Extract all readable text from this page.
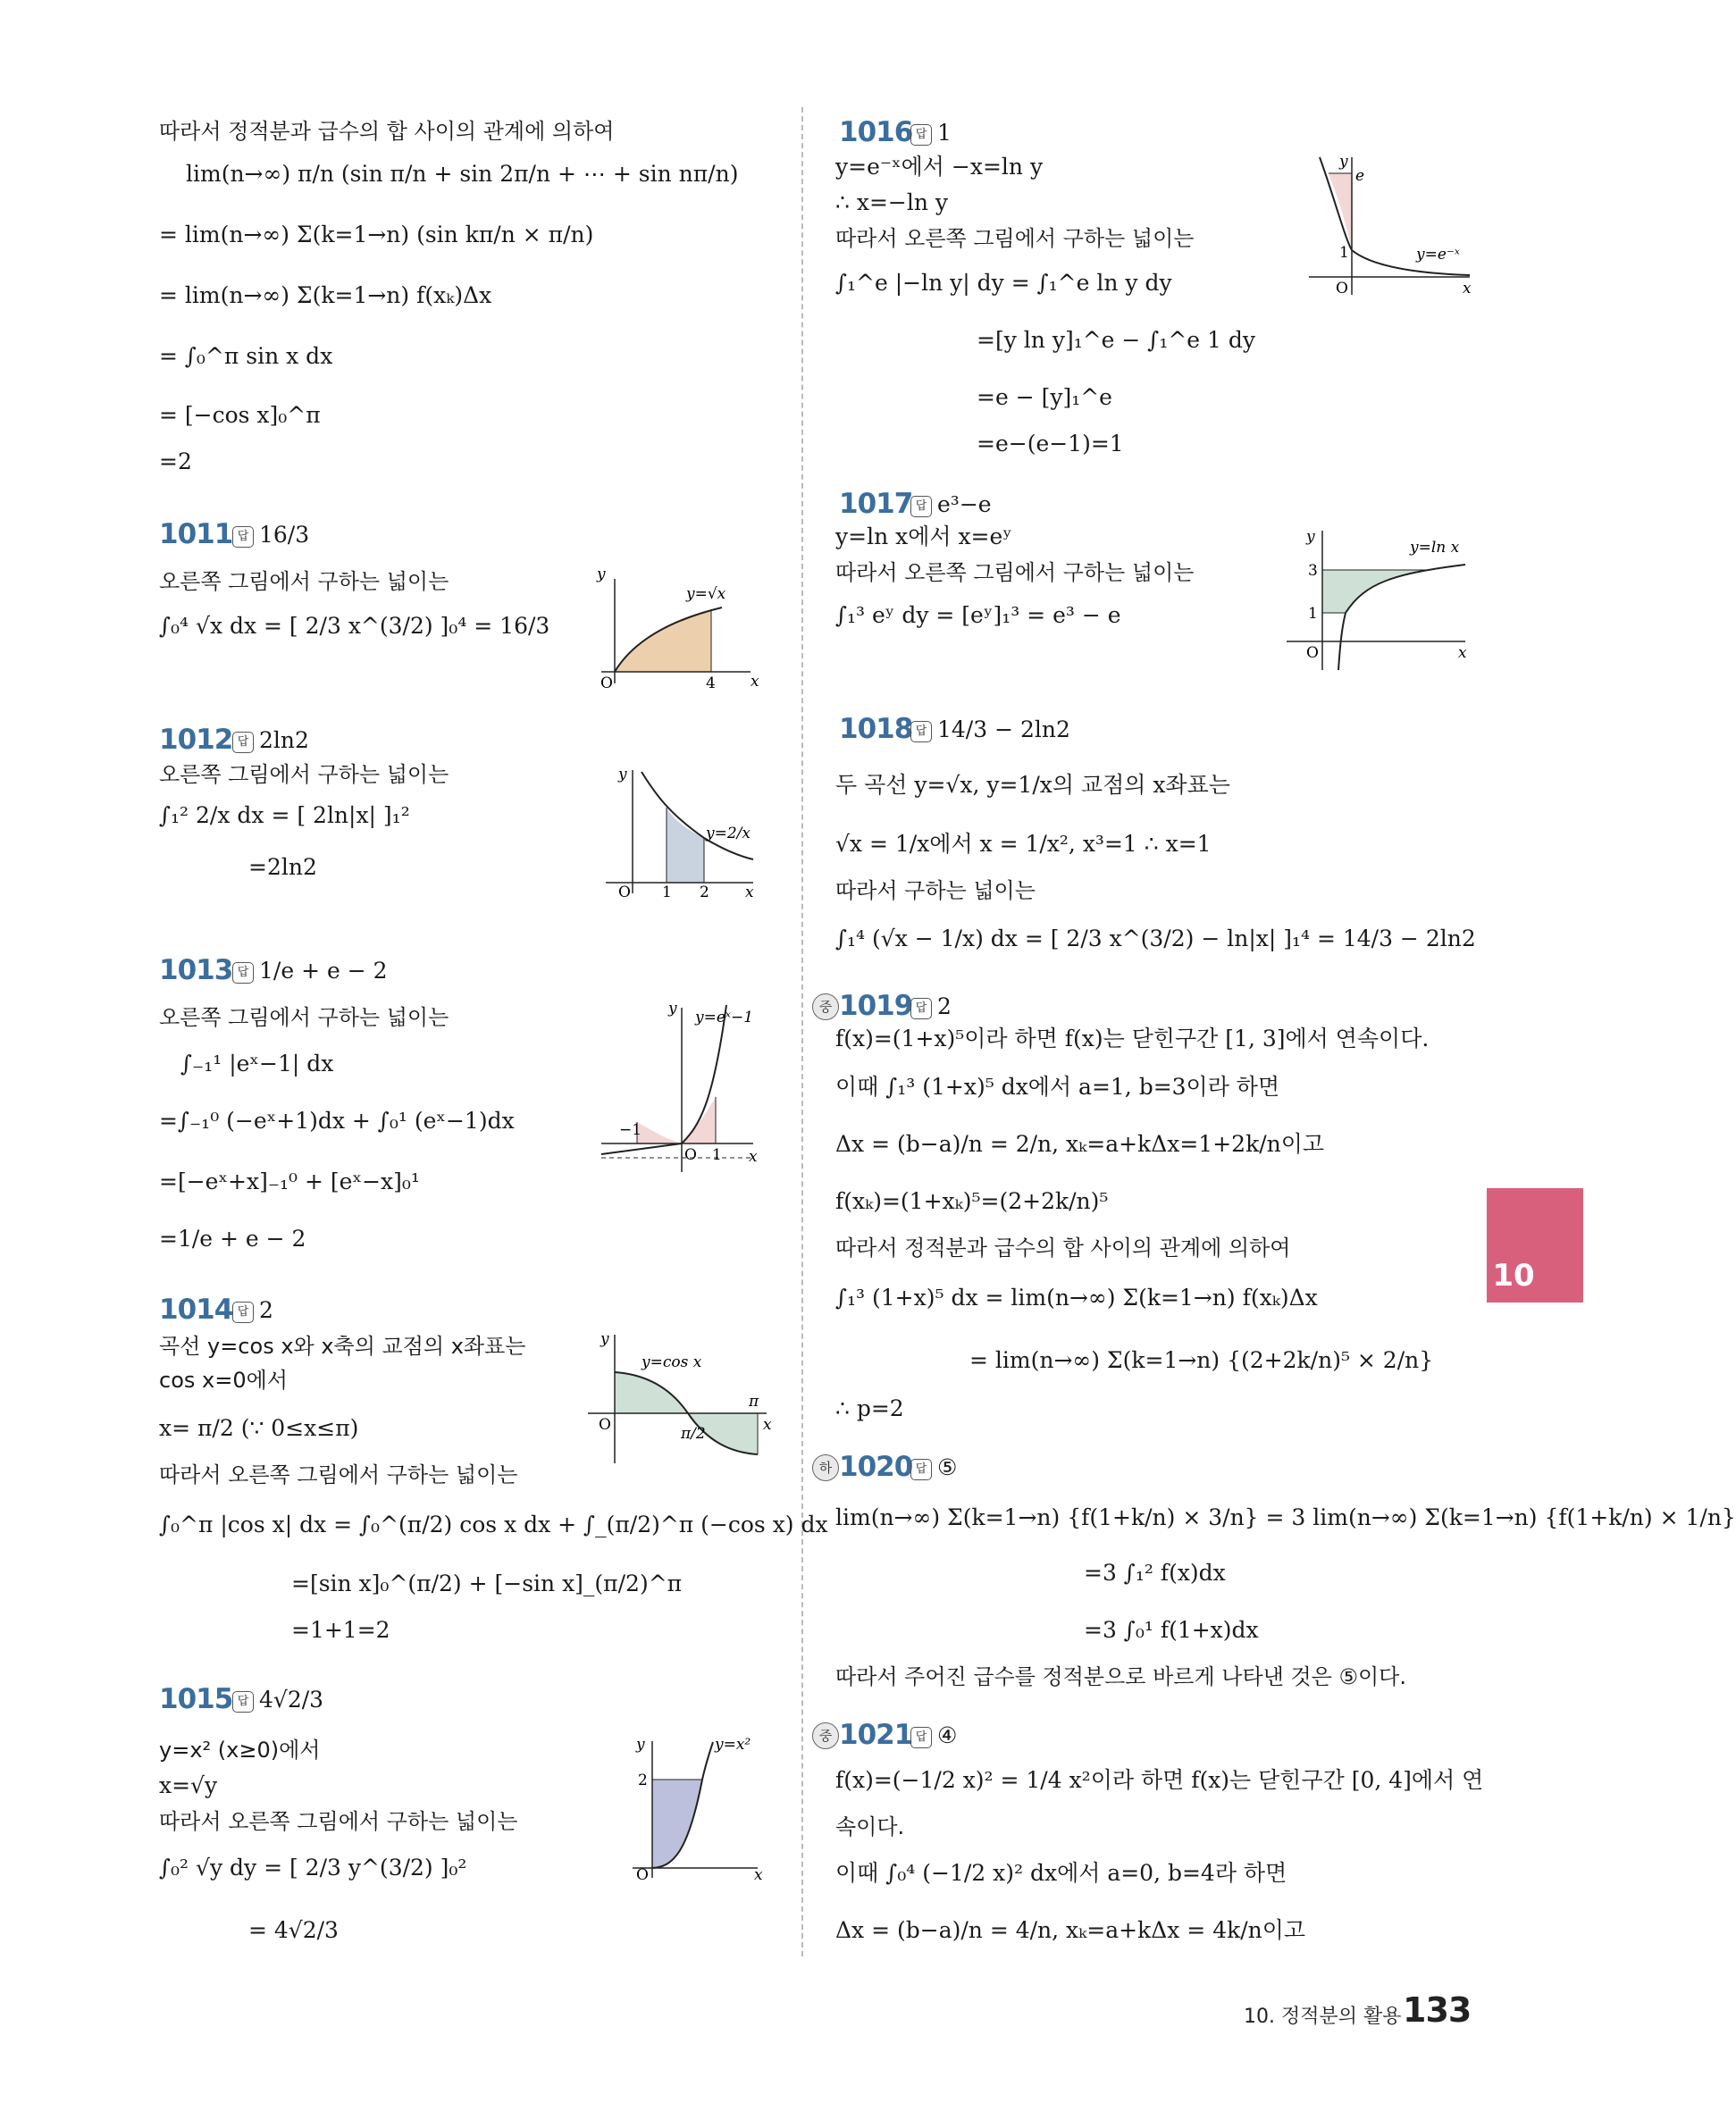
따라서 정적분과 급수의 합 사이의 관계에 의하여
lim(n→∞) π/n (sin π/n + sin 2π/n + ⋯ + sin nπ/n)
= lim(n→∞) Σ(k=1→n) (sin kπ/n × π/n)
= lim(n→∞) Σ(k=1→n) f(xₖ)Δx
= ∫₀^π sin x dx
= [−cos x]₀^π
=2
1011 답 16/3
오른쪽 그림에서 구하는 넓이는
∫₀⁴ √x dx = [ 2/3 x^(3/2) ]₀⁴ = 16/3
y
x
O	4
y=√x
1012 답 2ln2
오른쪽 그림에서 구하는 넓이는
∫₁² 2/x dx = [ 2ln|x| ]₁²
=2ln2
y
x
O 1 2
y=2/x
1013 답 1/e + e − 2
오른쪽 그림에서 구하는 넓이는
∫₋₁¹ |eˣ−1| dx
=∫₋₁⁰ (−eˣ+1)dx + ∫₀¹ (eˣ−1)dx
=[−eˣ+x]₋₁⁰ + [eˣ−x]₀¹
=1/e + e − 2
y
x
O
−1
1
y=eˣ−1
1014 답 2
곡선 y=cos x와 x축의 교점의 x좌표는
cos x=0에서
x= π/2 (∵ 0≤x≤π)
따라서 오른쪽 그림에서 구하는 넓이는
∫₀^π |cos x| dx = ∫₀^(π/2) cos x dx + ∫_(π/2)^π (−cos x) dx
=[sin x]₀^(π/2) + [−sin x]_(π/2)^π
=1+1=2
y
x
O	π/2
π
y=cos x
1015 답 4√2/3
y=x² (x≥0)에서
x=√y
따라서 오른쪽 그림에서 구하는 넓이는
∫₀² √y dy = [ 2/3 y^(3/2) ]₀²
= 4√2/3
y
x
O
2
y=x²
1016 답 1
y=e⁻ˣ에서 −x=ln y
∴ x=−ln y
따라서 오른쪽 그림에서 구하는 넓이는
∫₁^e |−ln y| dy = ∫₁^e ln y dy
=[y ln y]₁^e − ∫₁^e 1 dy
=e − [y]₁^e
=e−(e−1)=1
y
x
O
e
1	y=e⁻ˣ
1017 답 e³−e
y=ln x에서 x=eʸ
따라서 오른쪽 그림에서 구하는 넓이는
∫₁³ eʸ dy = [eʸ]₁³ = e³ − e
y
x
O
3
1
y=ln x
1018 답 14/3 − 2ln2
두 곡선 y=√x, y=1/x의 교점의 x좌표는
√x = 1/x에서 x = 1/x², x³=1 ∴ x=1
따라서 구하는 넓이는
∫₁⁴ (√x − 1/x) dx = [ 2/3 x^(3/2) − ln|x| ]₁⁴ = 14/3 − 2ln2
중 1019 답 2
f(x)=(1+x)⁵이라 하면 f(x)는 닫힌구간 [1, 3]에서 연속이다.
이때 ∫₁³ (1+x)⁵ dx에서 a=1, b=3이라 하면
Δx = (b−a)/n = 2/n, xₖ=a+kΔx=1+2k/n이고
f(xₖ)=(1+xₖ)⁵=(2+2k/n)⁵
따라서 정적분과 급수의 합 사이의 관계에 의하여
∫₁³ (1+x)⁵ dx = lim(n→∞) Σ(k=1→n) f(xₖ)Δx
= lim(n→∞) Σ(k=1→n) {(2+2k/n)⁵ × 2/n}
∴ p=2
하 1020 답 ⑤
lim(n→∞) Σ(k=1→n) {f(1+k/n) × 3/n} = 3 lim(n→∞) Σ(k=1→n) {f(1+k/n) × 1/n}
=3 ∫₁² f(x)dx
=3 ∫₀¹ f(1+x)dx
따라서 주어진 급수를 정적분으로 바르게 나타낸 것은 ⑤이다.
중 1021 답 ④
f(x)=(−1/2 x)² = 1/4 x²이라 하면 f(x)는 닫힌구간 [0, 4]에서 연
속이다.
이때 ∫₀⁴ (−1/2 x)² dx에서 a=0, b=4라 하면
Δx = (b−a)/n = 4/n, xₖ=a+kΔx = 4k/n이고
10
10. 정적분의 활용 133
